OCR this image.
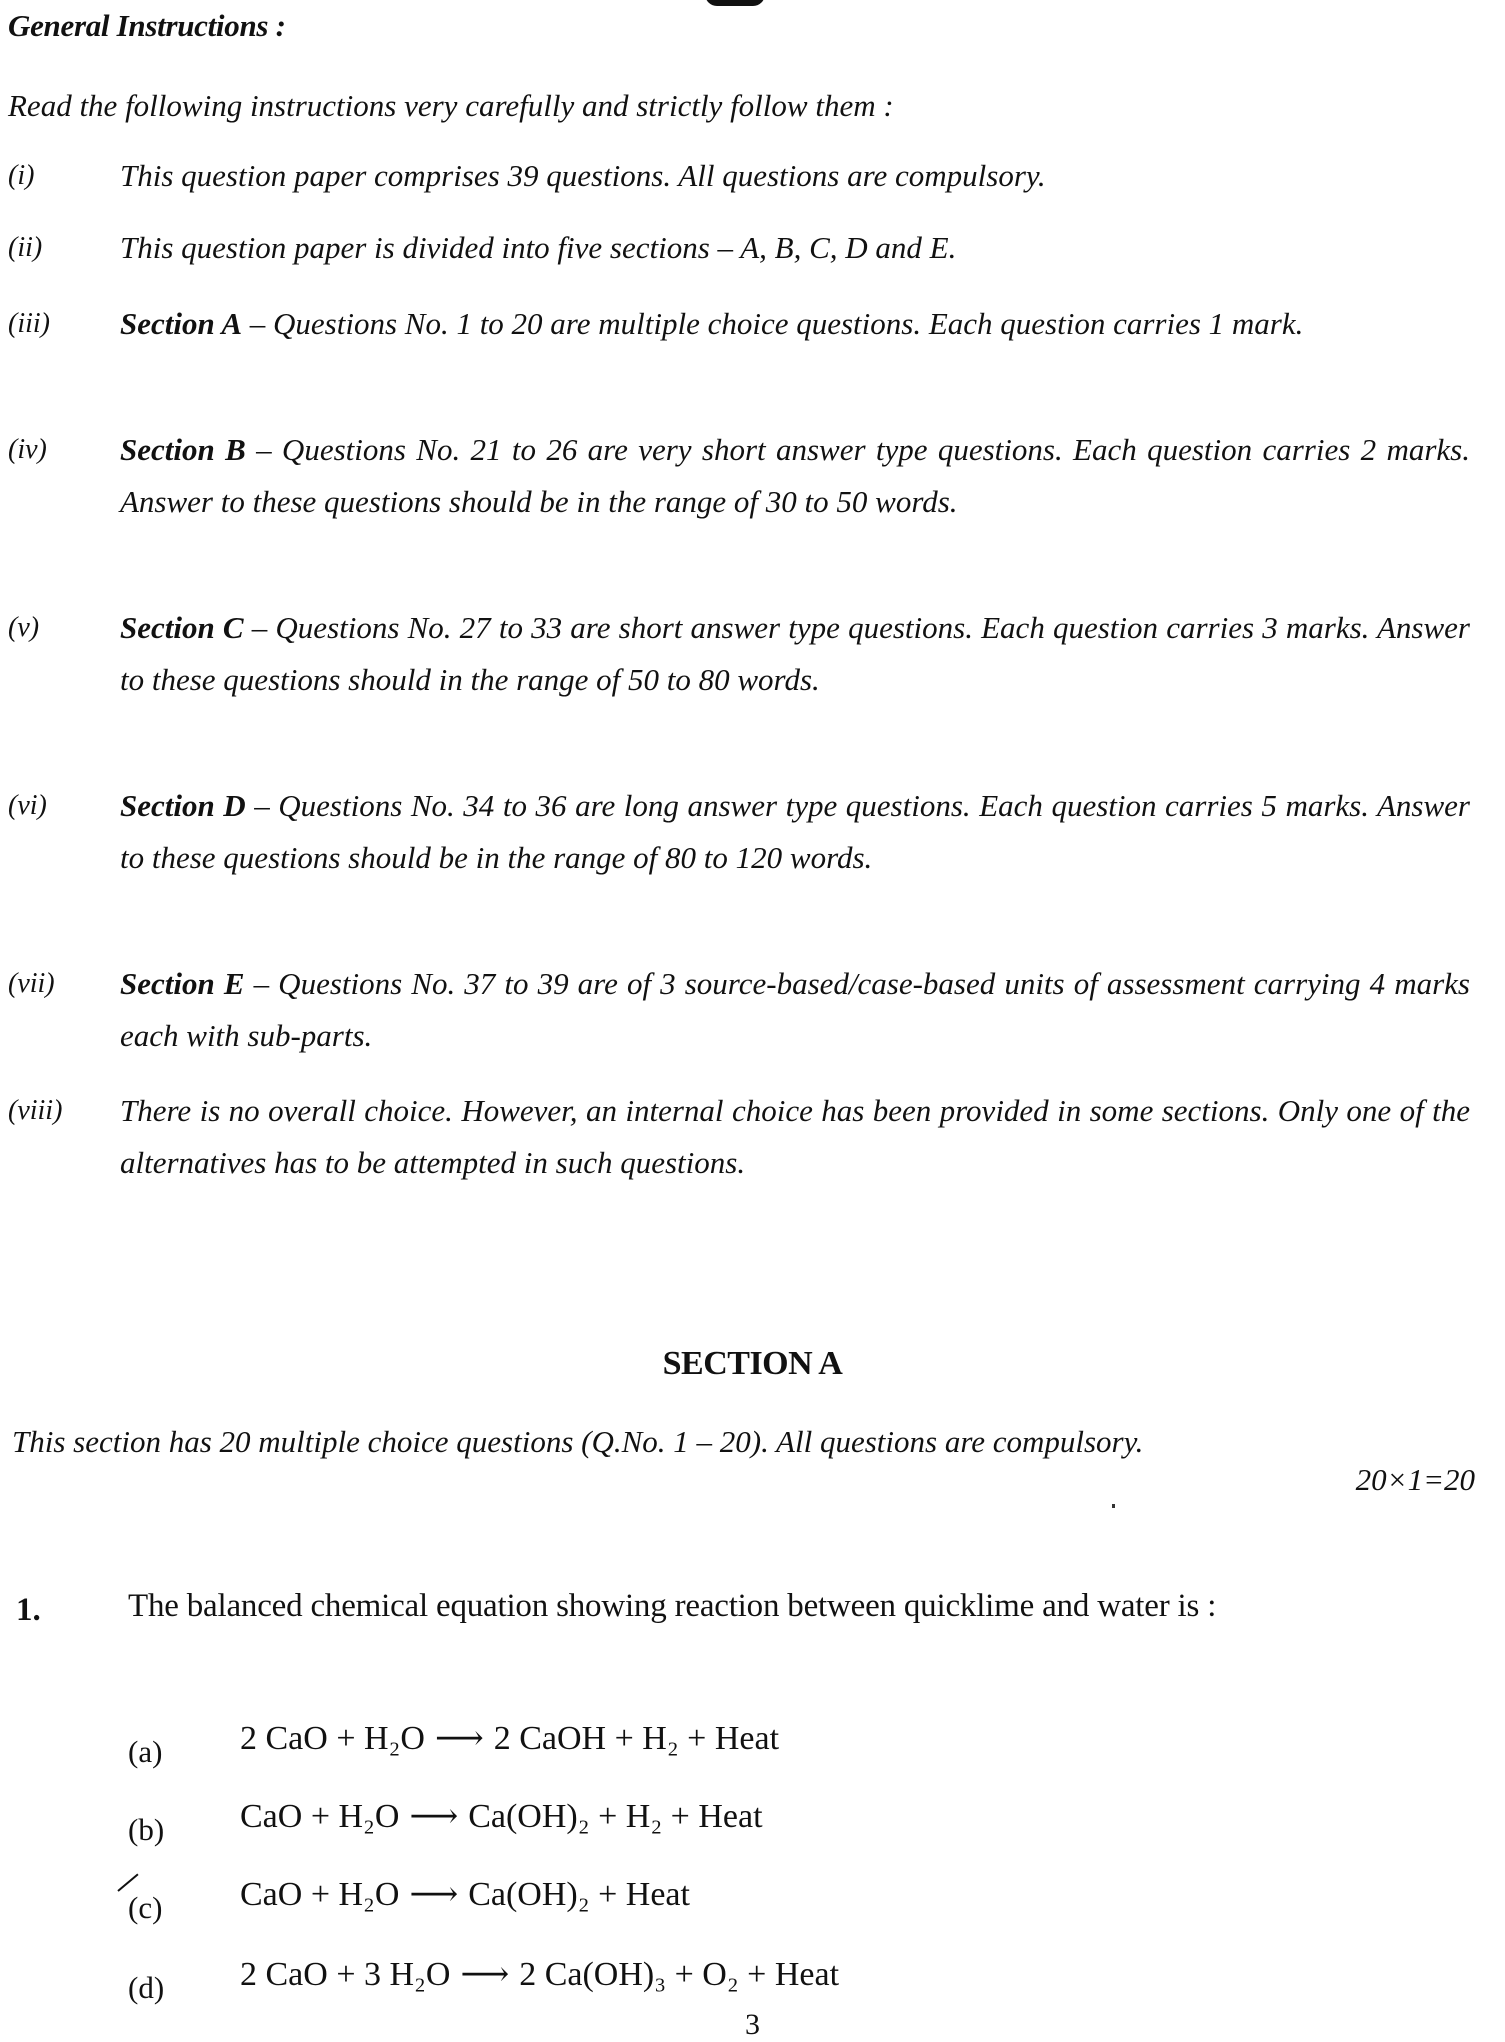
General Instructions :
Read the following instructions very carefully and strictly follow them :
(i)	This question paper comprises 39 questions. All questions are compulsory.
(ii)	This question paper is divided into five sections – A, B, C, D and E.
(iii) Section A – Questions No. 1 to 20 are multiple choice questions. Each question carries 1 mark.
(iv) Section B – Questions No. 21 to 26 are very short answer type questions. Each question carries 2 marks. Answer to these questions should be in the range of 30 to 50 words.
(v)	Section C – Questions No. 27 to 33 are short answer type questions. Each question carries 3 marks. Answer to these questions should in the range of 50 to 80 words.
(vi) Section D – Questions No. 34 to 36 are long answer type questions. Each question carries 5 marks. Answer to these questions should be in the range of 80 to 120 words.
(vii) Section E – Questions No. 37 to 39 are of 3 source-based/case-based units of assessment carrying 4 marks each with sub-parts.
(viii) There is no overall choice. However, an internal choice has been provided in some sections. Only one of the alternatives has to be attempted in such questions.
SECTION A
This section has 20 multiple choice questions (Q.No. 1 – 20). All questions are compulsory.
20×1=20
1.	The balanced chemical equation showing reaction between quicklime and water is :
(a) 2 CaO + H₂O ⟶ 2 CaOH + H₂ + Heat
(b) CaO + H₂O ⟶ Ca(OH)₂ + H₂ + Heat
(c) CaO + H₂O ⟶ Ca(OH)₂ + Heat
(d) 2 CaO + 3 H₂O ⟶ 2 Ca(OH)₃ + O₂ + Heat
3
